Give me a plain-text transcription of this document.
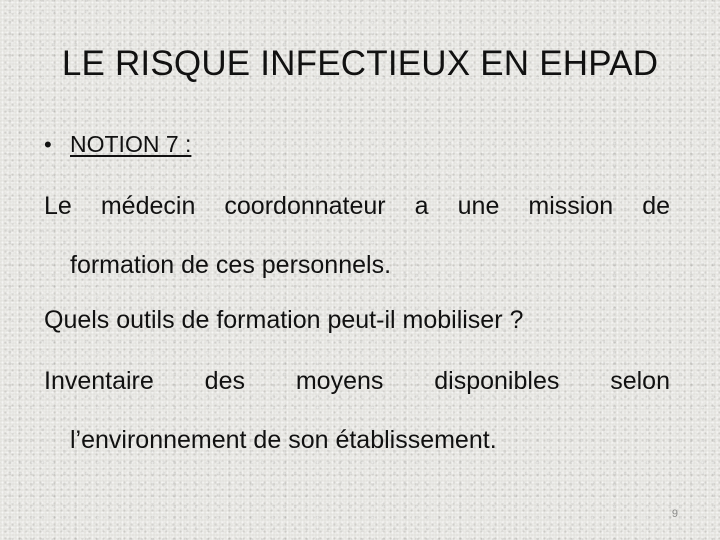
LE RISQUE INFECTIEUX EN EHPAD
• NOTION 7 :

Le médecin coordonnateur a une mission de
formation de ces personnels.

Quels outils de formation peut-il mobiliser ?

Inventaire des moyens disponibles selon
l’environnement de son établissement.

9
